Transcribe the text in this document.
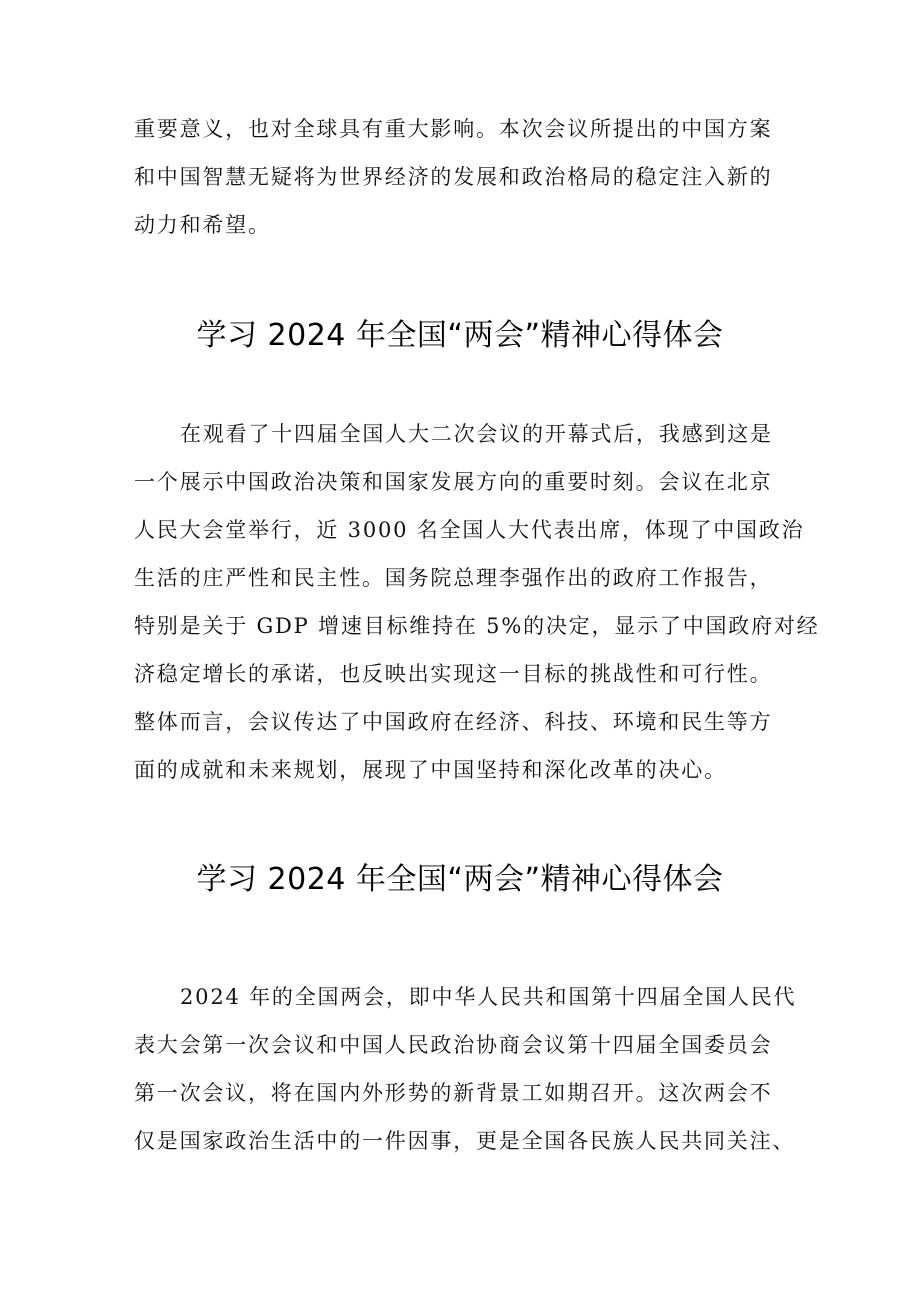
重要意义，也对全球具有重大影响。本次会议所提出的中国方案
和中国智慧无疑将为世界经济的发展和政治格局的稳定注入新的
动力和希望。
学习 2024 年全国“两会”精神心得体会
在观看了十四届全国人大二次会议的开幕式后，我感到这是
一个展示中国政治决策和国家发展方向的重要时刻。会议在北京
人民大会堂举行，近 3000 名全国人大代表出席，体现了中国政治
生活的庄严性和民主性。国务院总理李强作出的政府工作报告，
特别是关于 GDP 增速目标维持在 5%的决定，显示了中国政府对经
济稳定增长的承诺，也反映出实现这一目标的挑战性和可行性。
整体而言，会议传达了中国政府在经济、科技、环境和民生等方
面的成就和未来规划，展现了中国坚持和深化改革的决心。
学习 2024 年全国“两会”精神心得体会
2024 年的全国两会，即中华人民共和国第十四届全国人民代
表大会第一次会议和中国人民政治协商会议第十四届全国委员会
第一次会议，将在国内外形势的新背景工如期召开。这次两会不
仅是国家政治生活中的一件因事，更是全国各民族人民共同关注、
